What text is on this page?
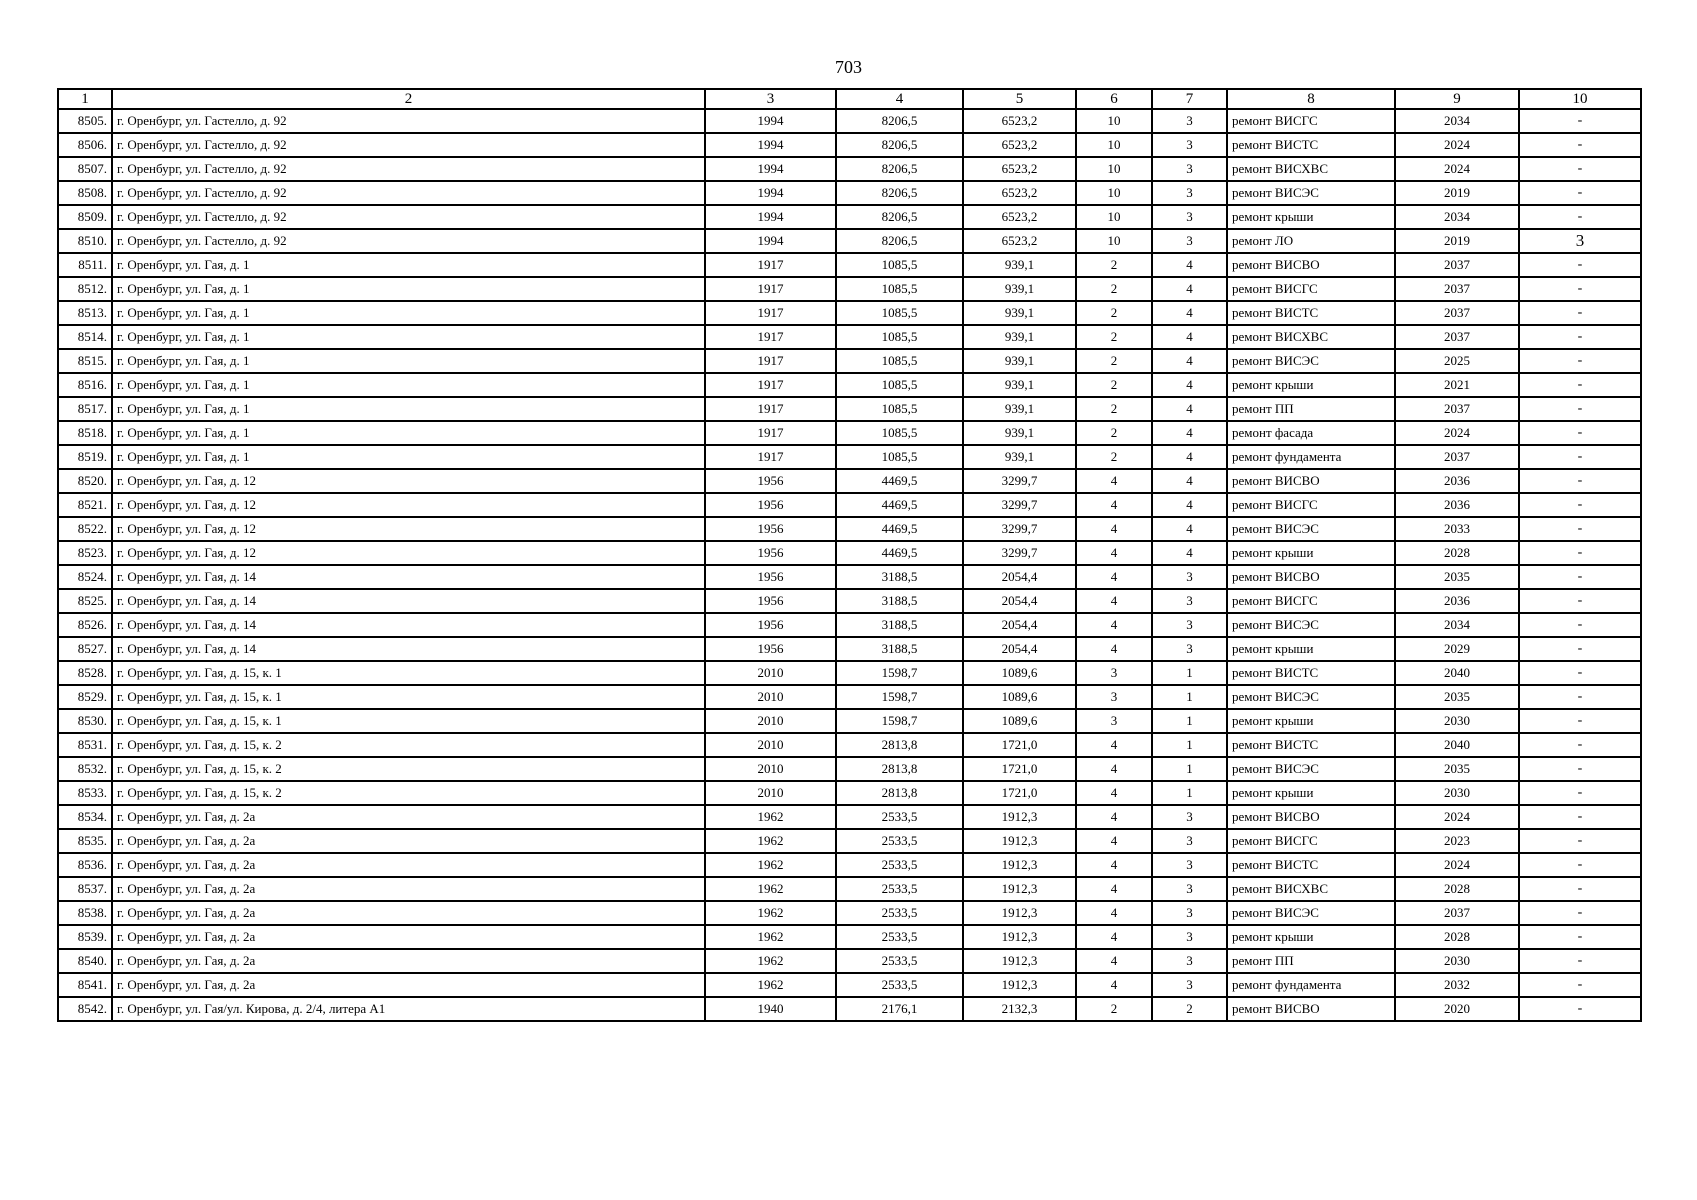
703
1	2	3	4	5	6	7	8	9	10
8505.	г. Оренбург, ул. Гастелло, д. 92	1994	8206,5	6523,2	10	3	ремонт ВИСГС	2034	-
8506.	г. Оренбург, ул. Гастелло, д. 92	1994	8206,5	6523,2	10	3	ремонт ВИСТС	2024	-
8507.	г. Оренбург, ул. Гастелло, д. 92	1994	8206,5	6523,2	10	3	ремонт ВИСХВС	2024	-
8508.	г. Оренбург, ул. Гастелло, д. 92	1994	8206,5	6523,2	10	3	ремонт ВИСЭС	2019	-
8509.	г. Оренбург, ул. Гастелло, д. 92	1994	8206,5	6523,2	10	3	ремонт крыши	2034	-
8510.	г. Оренбург, ул. Гастелло, д. 92	1994	8206,5	6523,2	10	3	ремонт ЛО	2019	3
8511.	г. Оренбург, ул. Гая, д. 1	1917	1085,5	939,1	2	4	ремонт ВИСВО	2037	-
8512.	г. Оренбург, ул. Гая, д. 1	1917	1085,5	939,1	2	4	ремонт ВИСГС	2037	-
8513.	г. Оренбург, ул. Гая, д. 1	1917	1085,5	939,1	2	4	ремонт ВИСТС	2037	-
8514.	г. Оренбург, ул. Гая, д. 1	1917	1085,5	939,1	2	4	ремонт ВИСХВС	2037	-
8515.	г. Оренбург, ул. Гая, д. 1	1917	1085,5	939,1	2	4	ремонт ВИСЭС	2025	-
8516.	г. Оренбург, ул. Гая, д. 1	1917	1085,5	939,1	2	4	ремонт крыши	2021	-
8517.	г. Оренбург, ул. Гая, д. 1	1917	1085,5	939,1	2	4	ремонт ПП	2037	-
8518.	г. Оренбург, ул. Гая, д. 1	1917	1085,5	939,1	2	4	ремонт фасада	2024	-
8519.	г. Оренбург, ул. Гая, д. 1	1917	1085,5	939,1	2	4	ремонт фундамента	2037	-
8520.	г. Оренбург, ул. Гая, д. 12	1956	4469,5	3299,7	4	4	ремонт ВИСВО	2036	-
8521.	г. Оренбург, ул. Гая, д. 12	1956	4469,5	3299,7	4	4	ремонт ВИСГС	2036	-
8522.	г. Оренбург, ул. Гая, д. 12	1956	4469,5	3299,7	4	4	ремонт ВИСЭС	2033	-
8523.	г. Оренбург, ул. Гая, д. 12	1956	4469,5	3299,7	4	4	ремонт крыши	2028	-
8524.	г. Оренбург, ул. Гая, д. 14	1956	3188,5	2054,4	4	3	ремонт ВИСВО	2035	-
8525.	г. Оренбург, ул. Гая, д. 14	1956	3188,5	2054,4	4	3	ремонт ВИСГС	2036	-
8526.	г. Оренбург, ул. Гая, д. 14	1956	3188,5	2054,4	4	3	ремонт ВИСЭС	2034	-
8527.	г. Оренбург, ул. Гая, д. 14	1956	3188,5	2054,4	4	3	ремонт крыши	2029	-
8528.	г. Оренбург, ул. Гая, д. 15, к. 1	2010	1598,7	1089,6	3	1	ремонт ВИСТС	2040	-
8529.	г. Оренбург, ул. Гая, д. 15, к. 1	2010	1598,7	1089,6	3	1	ремонт ВИСЭС	2035	-
8530.	г. Оренбург, ул. Гая, д. 15, к. 1	2010	1598,7	1089,6	3	1	ремонт крыши	2030	-
8531.	г. Оренбург, ул. Гая, д. 15, к. 2	2010	2813,8	1721,0	4	1	ремонт ВИСТС	2040	-
8532.	г. Оренбург, ул. Гая, д. 15, к. 2	2010	2813,8	1721,0	4	1	ремонт ВИСЭС	2035	-
8533.	г. Оренбург, ул. Гая, д. 15, к. 2	2010	2813,8	1721,0	4	1	ремонт крыши	2030	-
8534.	г. Оренбург, ул. Гая, д. 2а	1962	2533,5	1912,3	4	3	ремонт ВИСВО	2024	-
8535.	г. Оренбург, ул. Гая, д. 2а	1962	2533,5	1912,3	4	3	ремонт ВИСГС	2023	-
8536.	г. Оренбург, ул. Гая, д. 2а	1962	2533,5	1912,3	4	3	ремонт ВИСТС	2024	-
8537.	г. Оренбург, ул. Гая, д. 2а	1962	2533,5	1912,3	4	3	ремонт ВИСХВС	2028	-
8538.	г. Оренбург, ул. Гая, д. 2а	1962	2533,5	1912,3	4	3	ремонт ВИСЭС	2037	-
8539.	г. Оренбург, ул. Гая, д. 2а	1962	2533,5	1912,3	4	3	ремонт крыши	2028	-
8540.	г. Оренбург, ул. Гая, д. 2а	1962	2533,5	1912,3	4	3	ремонт ПП	2030	-
8541.	г. Оренбург, ул. Гая, д. 2а	1962	2533,5	1912,3	4	3	ремонт фундамента	2032	-
8542.	г. Оренбург, ул. Гая/ул. Кирова, д. 2/4, литера А1	1940	2176,1	2132,3	2	2	ремонт ВИСВО	2020	-
